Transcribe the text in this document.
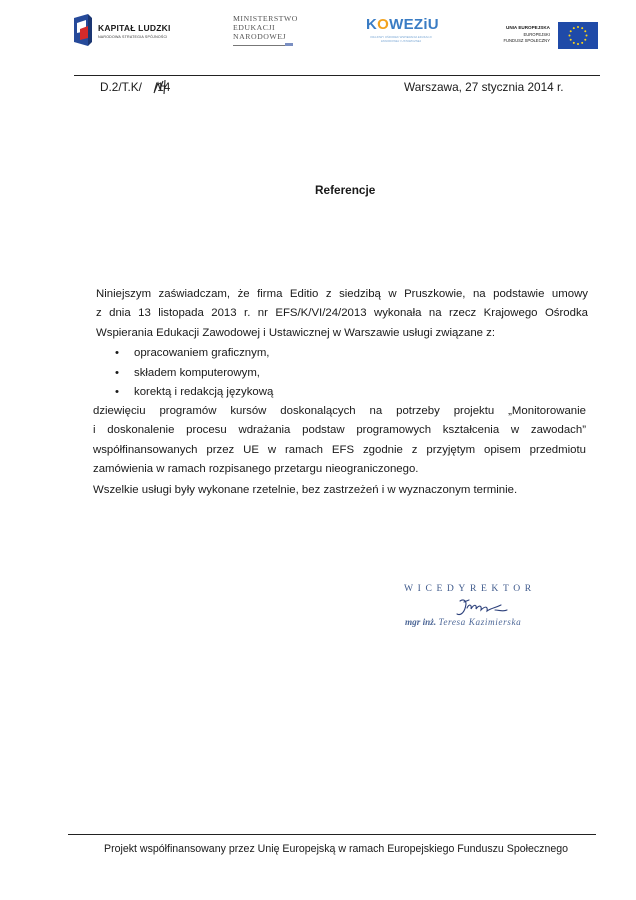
KAPITAŁ LUDZKI
NARODOWA STRATEGIA SPÓJNOŚCI
MINISTERSTWO
EDUKACJI
NARODOWEJ
KOWEZiU
KRAJOWY OŚRODEK WSPIERANIA EDUKACJI ZAWODOWEJ I USTAWICZNEJ
UNIA EUROPEJSKA
EUROPEJSKI
FUNDUSZ SPOŁECZNY
D.2/T.K/ /14	Warszawa, 27 stycznia 2014 r.
Referencje
Niniejszym zaświadczam, że firma Editio z siedzibą w Pruszkowie, na podstawie umowy
z dnia 13 listopada 2013 r. nr EFS/K/VI/24/2013 wykonała na rzecz Krajowego Ośrodka
Wspierania Edukacji Zawodowej i Ustawicznej w Warszawie usługi związane z:
• opracowaniem graficznym,
• składem komputerowym,
• korektą i redakcją językową
dziewięciu programów kursów doskonalących na potrzeby projektu „Monitorowanie
i doskonalenie procesu wdrażania podstaw programowych kształcenia w zawodach”
współfinansowanych przez UE w ramach EFS zgodnie z przyjętym opisem przedmiotu
zamówienia w ramach rozpisanego przetargu nieograniczonego.
Wszelkie usługi były wykonane rzetelnie, bez zastrzeżeń i w wyznaczonym terminie.
WICEDYREKTOR
mgr inż. Teresa Kazimierska
Projekt współfinansowany przez Unię Europejską w ramach Europejskiego Funduszu Społecznego
